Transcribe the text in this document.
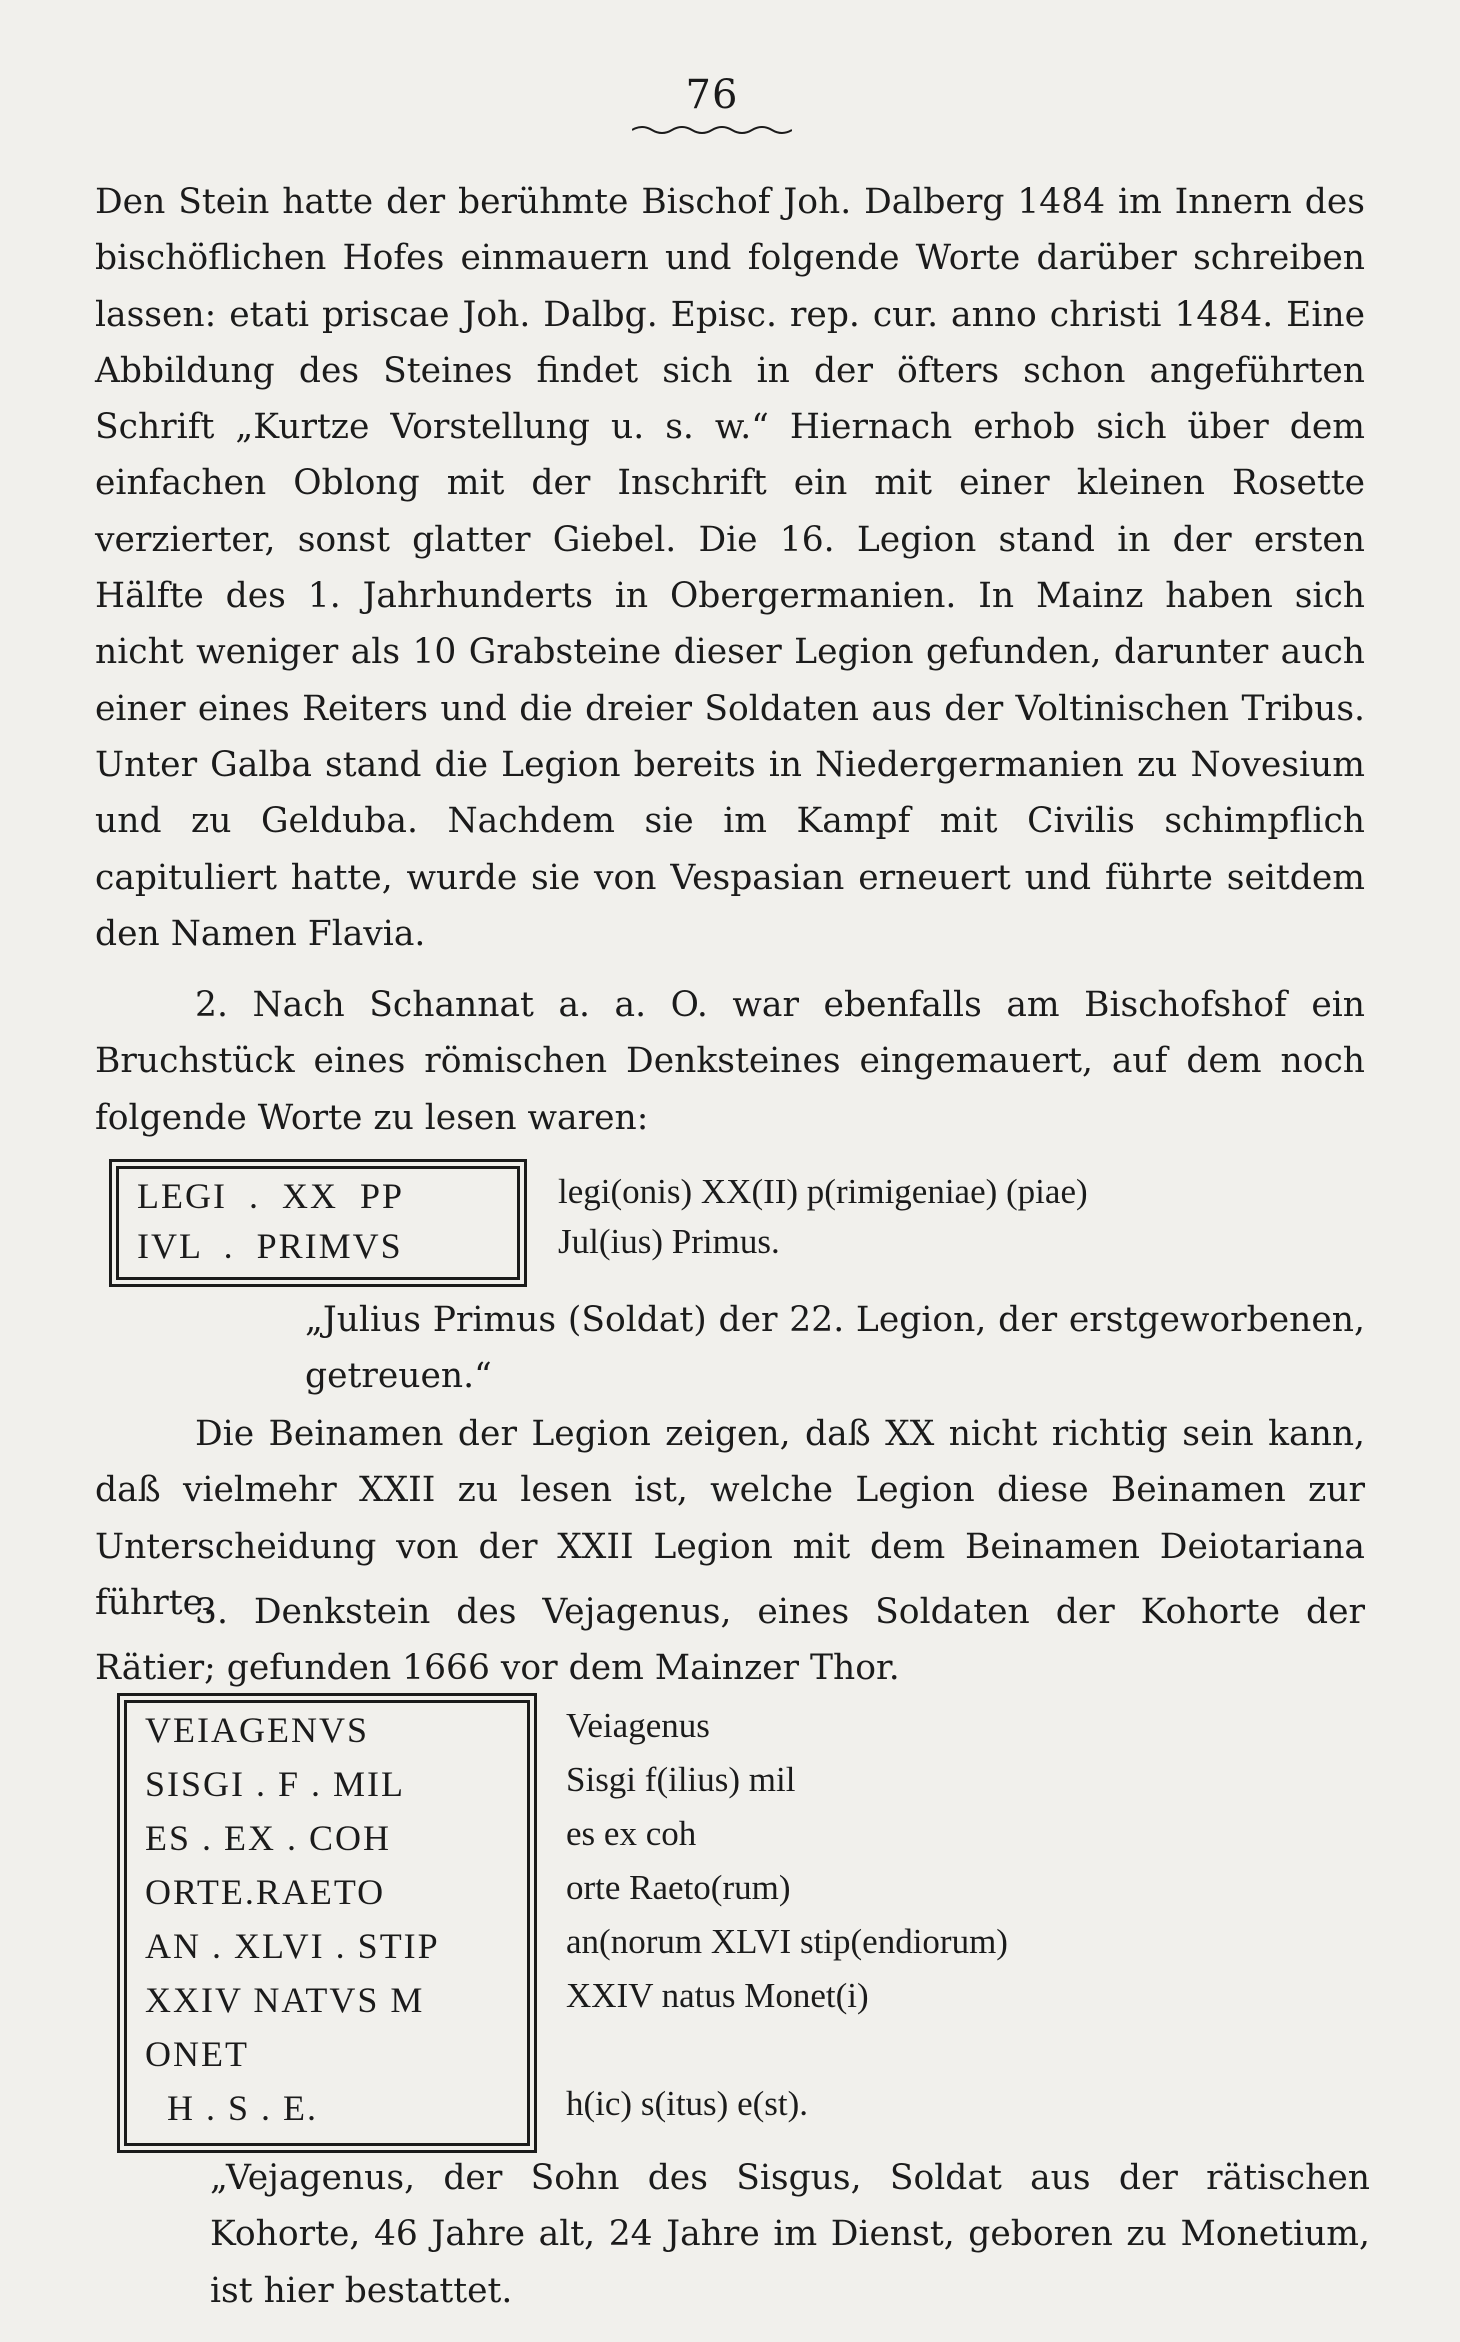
76

Den Stein hatte der berühmte Bischof Joh. Dalberg 1484 im Innern des bischöflichen Hofes einmauern und folgende Worte darüber schreiben lassen: etati priscae Joh. Dalbg. Episc. rep. cur. anno christi 1484. Eine Abbildung des Steines findet sich in der öfters schon angeführten Schrift „Kurtze Vorstellung u. s. w.“ Hiernach erhob sich über dem einfachen Oblong mit der Inschrift ein mit einer kleinen Rosette verzierter, sonst glatter Giebel. Die 16. Legion stand in der ersten Hälfte des 1. Jahrhunderts in Obergermanien. In Mainz haben sich nicht weniger als 10 Grabsteine dieser Legion gefunden, darunter auch einer eines Reiters und die dreier Soldaten aus der Voltinischen Tribus. Unter Galba stand die Legion bereits in Niedergermanien zu Novesium und zu Gelduba. Nachdem sie im Kampf mit Civilis schimpflich capituliert hatte, wurde sie von Vespasian erneuert und führte seitdem den Namen Flavia.

2. Nach Schannat a. a. O. war ebenfalls am Bischofshof ein Bruchstück eines römischen Denksteines eingemauert, auf dem noch folgende Worte zu lesen waren:

LEGI  .  XX  PP
IVL  .  PRIMVS
legi(onis) XX(II) p(rimigeniae) (piae)
Jul(ius) Primus.

„Julius Primus (Soldat) der 22. Legion, der erstgeworbenen, getreuen.“

Die Beinamen der Legion zeigen, daß XX nicht richtig sein kann, daß vielmehr XXII zu lesen ist, welche Legion diese Beinamen zur Unterscheidung von der XXII Legion mit dem Beinamen Deiotariana führte.

3. Denkstein des Vejagenus, eines Soldaten der Kohorte der Rätier; gefunden 1666 vor dem Mainzer Thor.

VEIAGENVS
SISGI . F . MIL
ES . EX . COH
ORTE.RAETO
AN . XLVI . STIP
XXIV NATVS M
ONET
H . S . E.
Veiagenus
Sisgi f(ilius) mil
es ex coh
orte Raeto(rum)
an(norum XLVI stip(endiorum)
XXIV natus Monet(i)
h(ic) s(itus) e(st).

„Vejagenus, der Sohn des Sisgus, Soldat aus der rätischen Kohorte, 46 Jahre alt, 24 Jahre im Dienst, geboren zu Monetium, ist hier bestattet.
